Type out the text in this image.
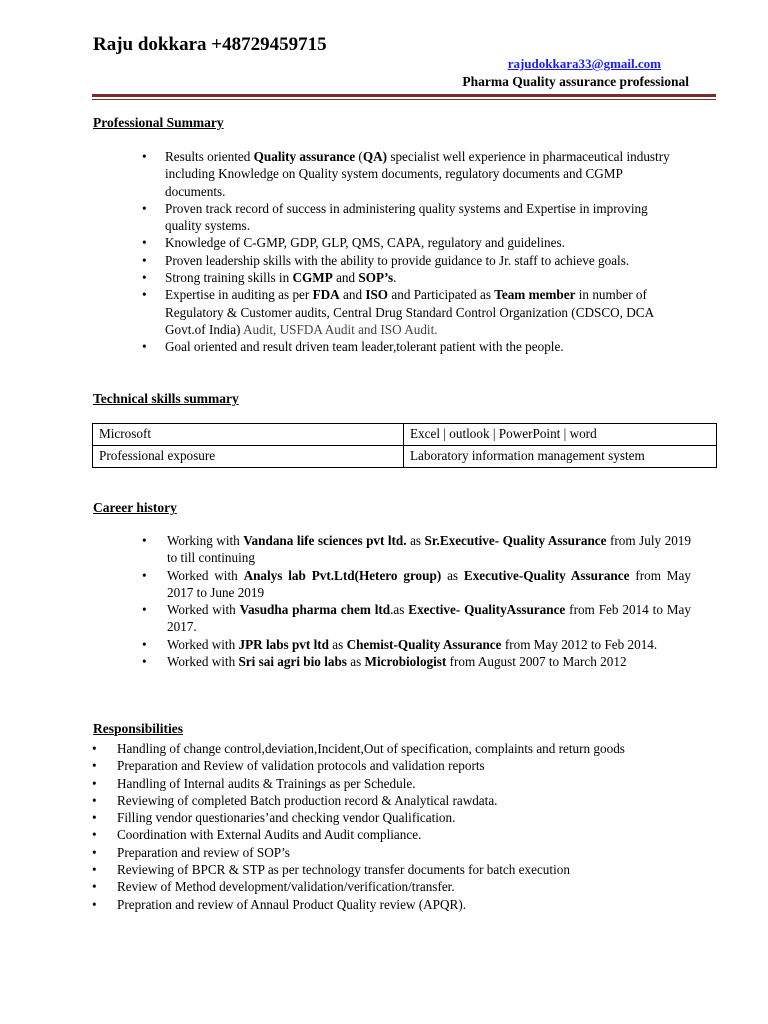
Raju dokkara +48729459715
rajudokkara33@gmail.com
Pharma Quality assurance professional
Professional Summary
• Results oriented Quality assurance (QA) specialist well experience in pharmaceutical industry including Knowledge on Quality system documents, regulatory documents and CGMP documents.
• Proven track record of success in administering quality systems and Expertise in improving quality systems.
• Knowledge of C-GMP, GDP, GLP, QMS, CAPA, regulatory and guidelines.
• Proven leadership skills with the ability to provide guidance to Jr. staff to achieve goals.
• Strong training skills in CGMP and SOP’s.
• Expertise in auditing as per FDA and ISO and Participated as Team member in number of Regulatory & Customer audits, Central Drug Standard Control Organization (CDSCO, DCA Govt.of India) Audit, USFDA Audit and ISO Audit.
• Goal oriented and result driven team leader,tolerant patient with the people.
Technical skills summary
Microsoft	Excel | outlook | PowerPoint | word
Professional exposure	Laboratory information management system
Career history
• Working with Vandana life sciences pvt ltd. as Sr.Executive- Quality Assurance from July 2019 to till continuing
• Worked with Analys lab Pvt.Ltd(Hetero group) as Executive-Quality Assurance from May 2017 to June 2019
• Worked with Vasudha pharma chem ltd.as Exective- QualityAssurance from Feb 2014 to May 2017.
• Worked with JPR labs pvt ltd as Chemist-Quality Assurance from May 2012 to Feb 2014.
• Worked with Sri sai agri bio labs as Microbiologist from August 2007 to March 2012
Responsibilities
• Handling of change control,deviation,Incident,Out of specification, complaints and return goods
• Preparation and Review of validation protocols and validation reports
• Handling of Internal audits & Trainings as per Schedule.
• Reviewing of completed Batch production record & Analytical rawdata.
• Filling vendor questionaries’and checking vendor Qualification.
• Coordination with External Audits and Audit compliance.
• Preparation and review of SOP’s
• Reviewing of BPCR & STP as per technology transfer documents for batch execution
• Review of Method development/validation/verification/transfer.
• Prepration and review of Annaul Product Quality review (APQR).
